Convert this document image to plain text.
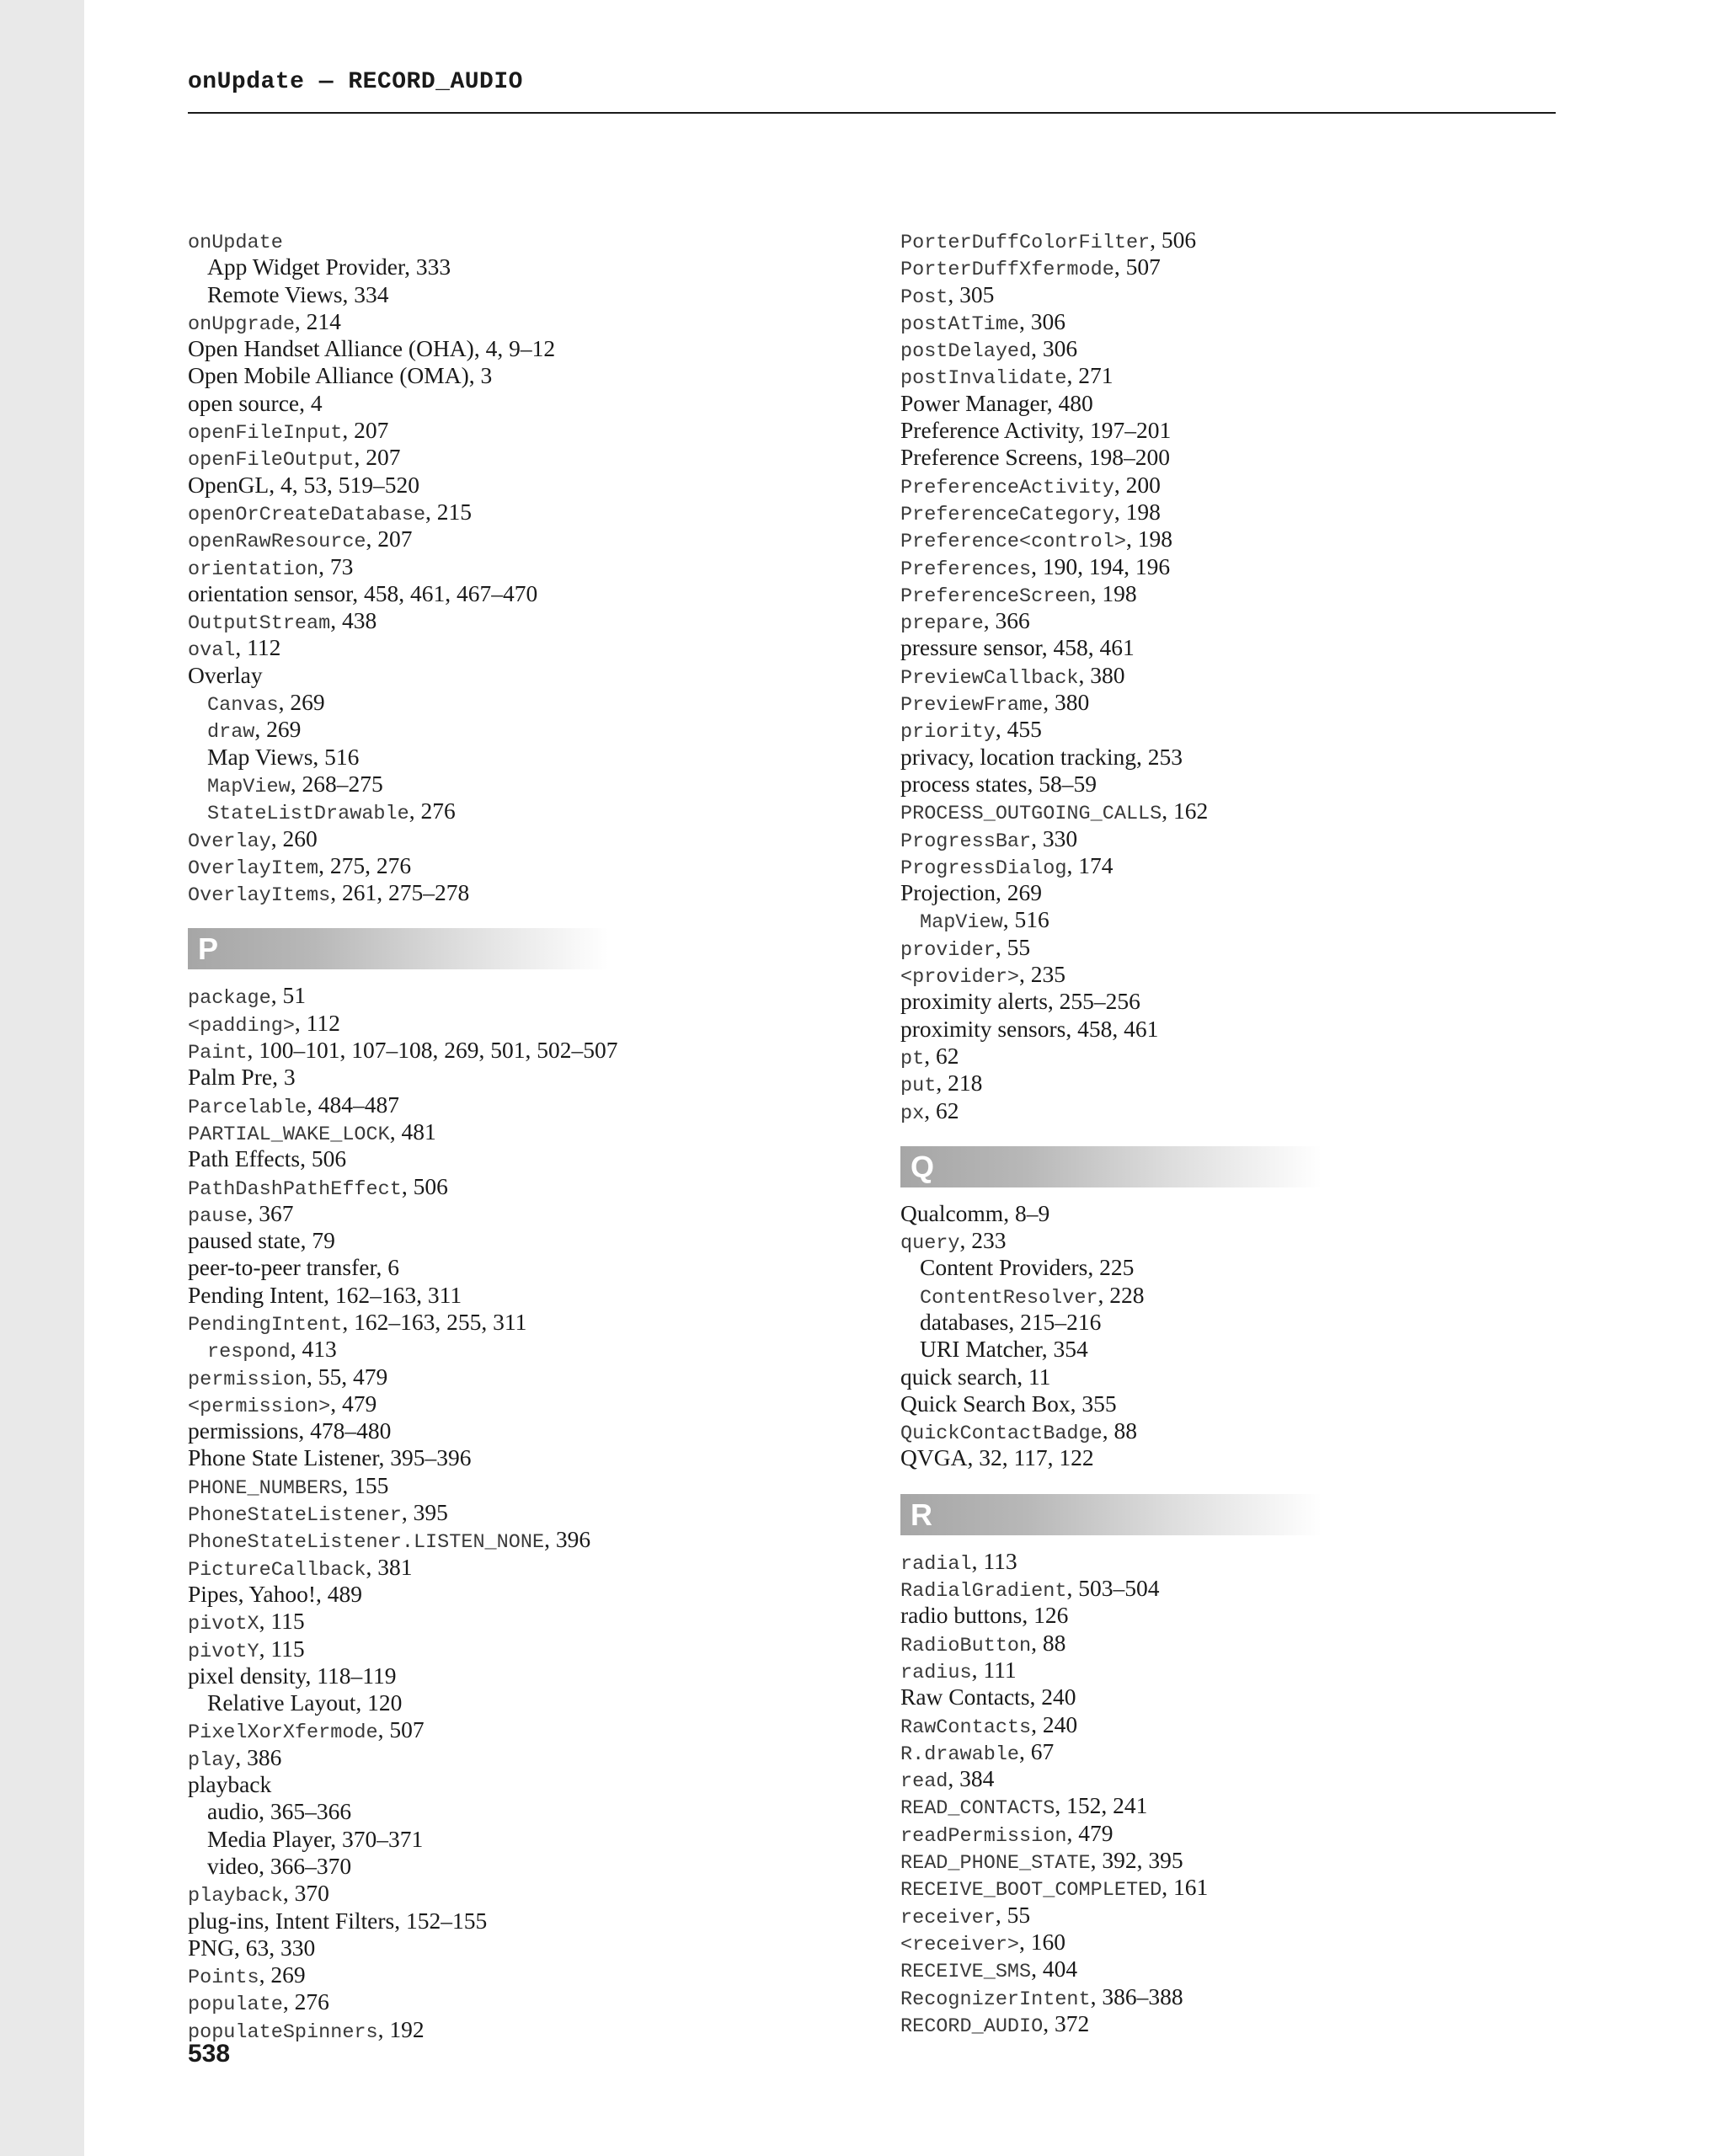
onUpdate — RECORD_AUDIO
onUpdate
App Widget Provider, 333
Remote Views, 334
onUpgrade, 214
Open Handset Alliance (OHA), 4, 9–12
Open Mobile Alliance (OMA), 3
open source, 4
openFileInput, 207
openFileOutput, 207
OpenGL, 4, 53, 519–520
openOrCreateDatabase, 215
openRawResource, 207
orientation, 73
orientation sensor, 458, 461, 467–470
OutputStream, 438
oval, 112
Overlay
Canvas, 269
draw, 269
Map Views, 516
MapView, 268–275
StateListDrawable, 276
Overlay, 260
OverlayItem, 275, 276
OverlayItems, 261, 275–278
P
package, 51
<padding>, 112
Paint, 100–101, 107–108, 269, 501, 502–507
Palm Pre, 3
Parcelable, 484–487
PARTIAL_WAKE_LOCK, 481
Path Effects, 506
PathDashPathEffect, 506
pause, 367
paused state, 79
peer-to-peer transfer, 6
Pending Intent, 162–163, 311
PendingIntent, 162–163, 255, 311
respond, 413
permission, 55, 479
<permission>, 479
permissions, 478–480
Phone State Listener, 395–396
PHONE_NUMBERS, 155
PhoneStateListener, 395
PhoneStateListener.LISTEN_NONE, 396
PictureCallback, 381
Pipes, Yahoo!, 489
pivotX, 115
pivotY, 115
pixel density, 118–119
Relative Layout, 120
PixelXorXfermode, 507
play, 386
playback
audio, 365–366
Media Player, 370–371
video, 366–370
playback, 370
plug-ins, Intent Filters, 152–155
PNG, 63, 330
Points, 269
populate, 276
populateSpinners, 192
PorterDuffColorFilter, 506
PorterDuffXfermode, 507
Post, 305
postAtTime, 306
postDelayed, 306
postInvalidate, 271
Power Manager, 480
Preference Activity, 197–201
Preference Screens, 198–200
PreferenceActivity, 200
PreferenceCategory, 198
Preference<control>, 198
Preferences, 190, 194, 196
PreferenceScreen, 198
prepare, 366
pressure sensor, 458, 461
PreviewCallback, 380
PreviewFrame, 380
priority, 455
privacy, location tracking, 253
process states, 58–59
PROCESS_OUTGOING_CALLS, 162
ProgressBar, 330
ProgressDialog, 174
Projection, 269
MapView, 516
provider, 55
<provider>, 235
proximity alerts, 255–256
proximity sensors, 458, 461
pt, 62
put, 218
px, 62
Q
Qualcomm, 8–9
query, 233
Content Providers, 225
ContentResolver, 228
databases, 215–216
URI Matcher, 354
quick search, 11
Quick Search Box, 355
QuickContactBadge, 88
QVGA, 32, 117, 122
R
radial, 113
RadialGradient, 503–504
radio buttons, 126
RadioButton, 88
radius, 111
Raw Contacts, 240
RawContacts, 240
R.drawable, 67
read, 384
READ_CONTACTS, 152, 241
readPermission, 479
READ_PHONE_STATE, 392, 395
RECEIVE_BOOT_COMPLETED, 161
receiver, 55
<receiver>, 160
RECEIVE_SMS, 404
RecognizerIntent, 386–388
RECORD_AUDIO, 372
538
